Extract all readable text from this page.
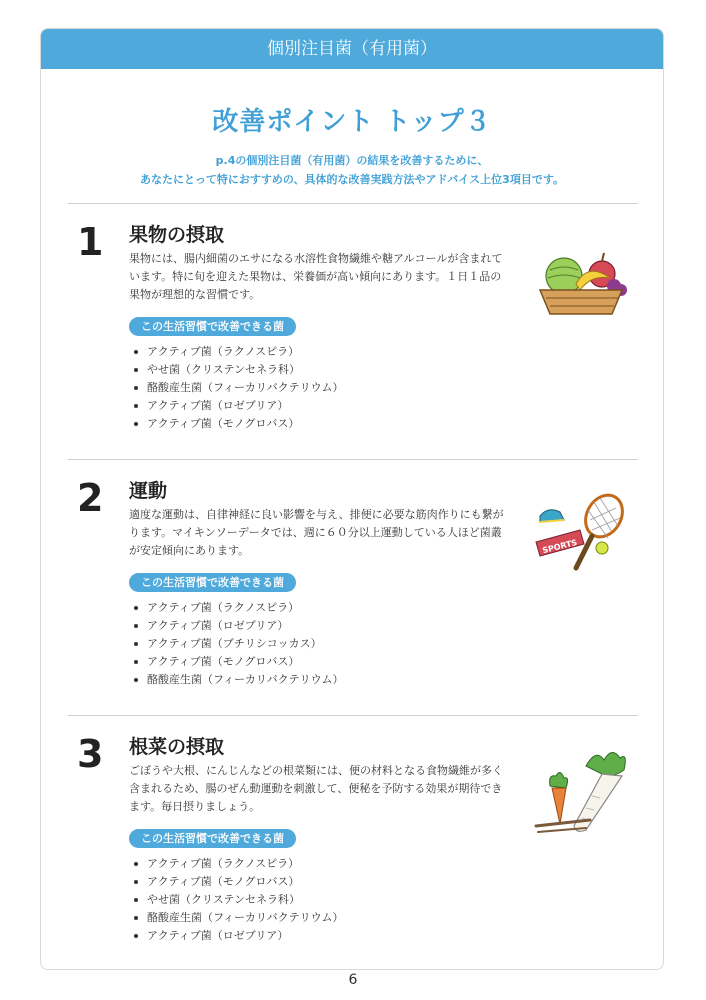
個別注目菌（有用菌）
改善ポイント トップ３
p.4の個別注目菌（有用菌）の結果を改善するために、
あなたにとって特におすすめの、具体的な改善実践方法やアドバイス上位3項目です。
1 果物の摂取
果物には、腸内細菌のエサになる水溶性食物繊維や糖アルコールが含まれています。特に旬を迎えた果物は、栄養価が高い傾向にあります。１日１品の果物が理想的な習慣です。
この生活習慣で改善できる菌
アクティブ菌（ラクノスピラ）
やせ菌（クリステンセネラ科）
酪酸産生菌（フィーカリバクテリウム）
アクティブ菌（ロゼブリア）
アクティブ菌（モノグロバス）
2 運動
適度な運動は、自律神経に良い影響を与え、排便に必要な筋肉作りにも繋がります。マイキンソーデータでは、週に６０分以上運動している人ほど菌叢が安定傾向にあります。
この生活習慣で改善できる菌
アクティブ菌（ラクノスピラ）
アクティブ菌（ロゼブリア）
アクティブ菌（ブチリシコッカス）
アクティブ菌（モノグロバス）
酪酸産生菌（フィーカリバクテリウム）
SPORTS
3 根菜の摂取
ごぼうや大根、にんじんなどの根菜類には、便の材料となる食物繊維が多く含まれるため、腸のぜん動運動を刺激して、便秘を予防する効果が期待できます。毎日摂りましょう。
この生活習慣で改善できる菌
アクティブ菌（ラクノスピラ）
アクティブ菌（モノグロバス）
やせ菌（クリステンセネラ科）
酪酸産生菌（フィーカリバクテリウム）
アクティブ菌（ロゼブリア）
6
